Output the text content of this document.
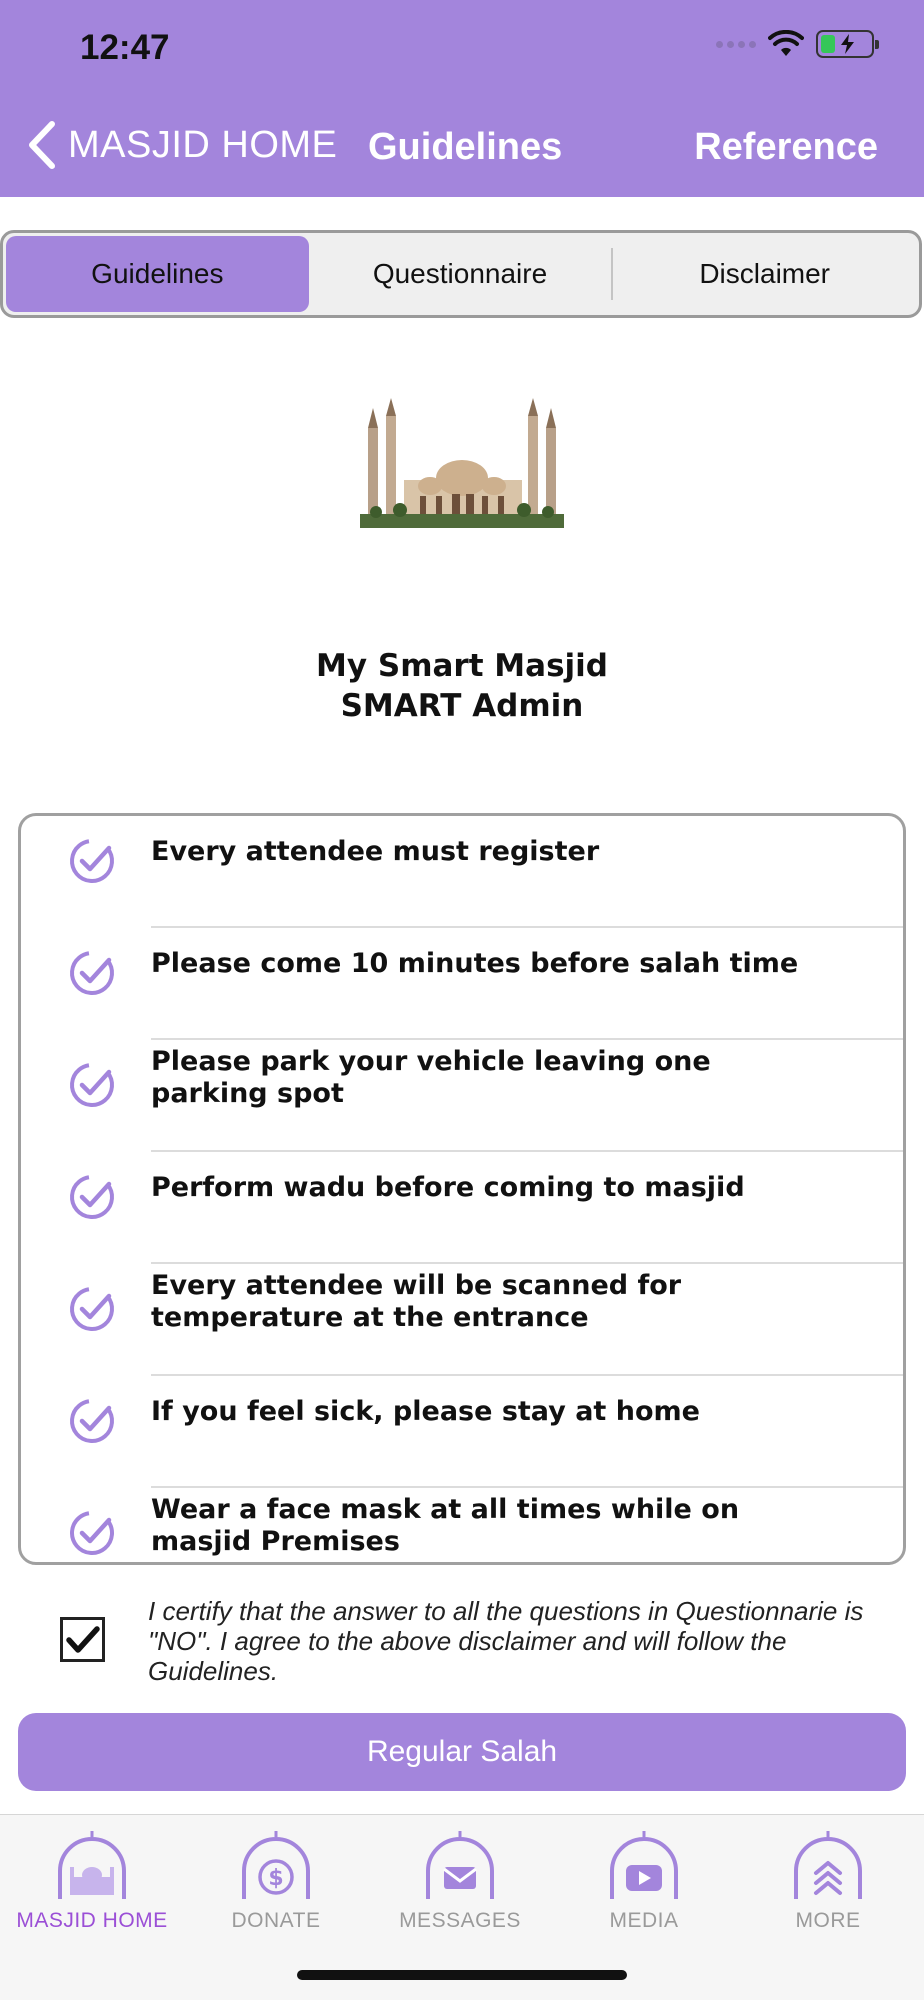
12:47
MASJID HOME Guidelines	Reference
Guidelines	Questionnaire	Disclaimer
My Smart Masjid
SMART Admin
Every attendee must register
Please come 10 minutes before salah time
Please park your vehicle leaving one parking spot
Perform wadu before coming to masjid
Every attendee will be scanned for temperature at the entrance
If you feel sick, please stay at home
Wear a face mask at all times while on masjid Premises
I certify that the answer to all the questions in Questionnarie is "NO". I agree to the above disclaimer and will follow the Guidelines.
Regular Salah
MASJID HOME
$
DONATE	MESSAGES	MEDIA	MORE
